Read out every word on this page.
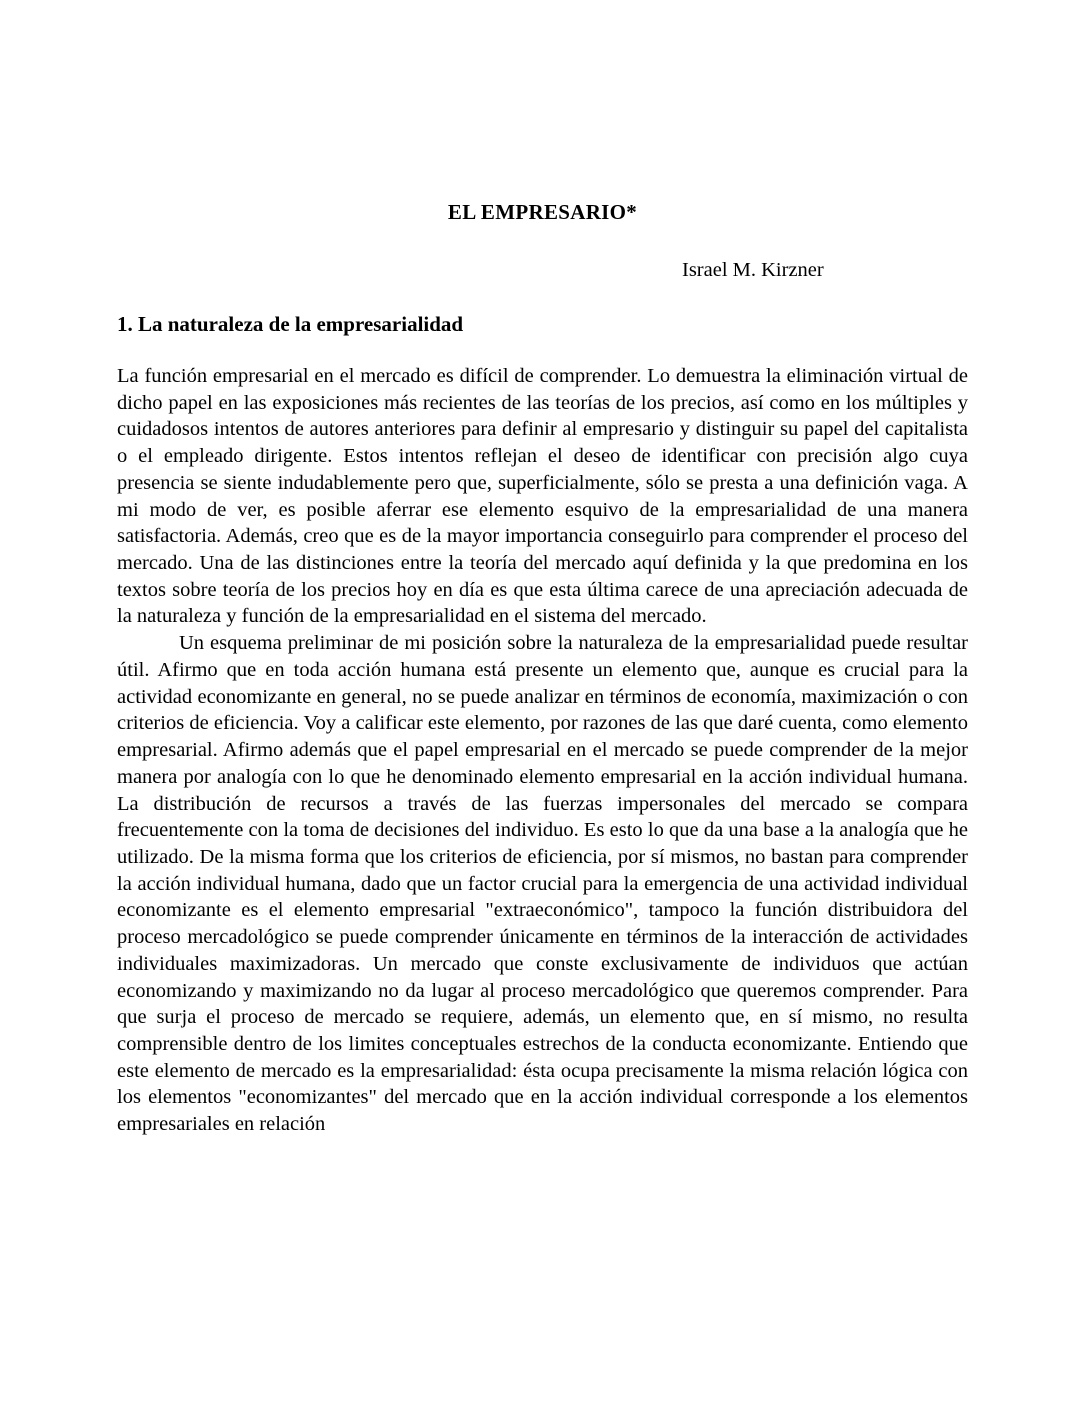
EL EMPRESARIO*
Israel M. Kirzner
1. La naturaleza de la empresarialidad

La función empresarial en el mercado es difícil de comprender. Lo demuestra la eliminación virtual de dicho papel en las exposiciones más recientes de las teorías de los precios, así como en los múltiples y cuidadosos intentos de autores anteriores para definir al empresario y distinguir su papel del capitalista o el empleado dirigente. Estos intentos reflejan el deseo de identificar con precisión algo cuya presencia se siente indudablemente pero que, superficialmente, sólo se presta a una definición vaga. A mi modo de ver, es posible aferrar ese elemento esquivo de la empresarialidad de una manera satisfactoria. Además, creo que es de la mayor importancia conseguirlo para comprender el proceso del mercado. Una de las distinciones entre la teoría del mercado aquí definida y la que predomina en los textos sobre teoría de los precios hoy en día es que esta última carece de una apreciación adecuada de la naturaleza y función de la empresarialidad en el sistema del mercado.

Un esquema preliminar de mi posición sobre la naturaleza de la empresarialidad puede resultar útil. Afirmo que en toda acción humana está presente un elemento que, aunque es crucial para la actividad economizante en general, no se puede analizar en términos de economía, maximización o con criterios de eficiencia. Voy a calificar este elemento, por razones de las que daré cuenta, como elemento empresarial. Afirmo además que el papel empresarial en el mercado se puede comprender de la mejor manera por analogía con lo que he denominado elemento empresarial en la acción individual humana. La distribución de recursos a través de las fuerzas impersonales del mercado se compara frecuentemente con la toma de decisiones del individuo. Es esto lo que da una base a la analogía que he utilizado. De la misma forma que los criterios de eficiencia, por sí mismos, no bastan para comprender la acción individual humana, dado que un factor crucial para la emergencia de una actividad individual economizante es el elemento empresarial "extraeconómico", tampoco la función distribuidora del proceso mercadológico se puede comprender únicamente en términos de la interacción de actividades individuales maximizadoras. Un mercado que conste exclusivamente de individuos que actúan economizando y maximizando no da lugar al proceso mercadológico que queremos comprender. Para que surja el proceso de mercado se requiere, además, un elemento que, en sí mismo, no resulta comprensible dentro de los limites conceptuales estrechos de la conducta economizante. Entiendo que este elemento de mercado es la empresarialidad: ésta ocupa precisamente la misma relación lógica con los elementos "economizantes" del mercado que en la acción individual corresponde a los elementos empresariales en relación
